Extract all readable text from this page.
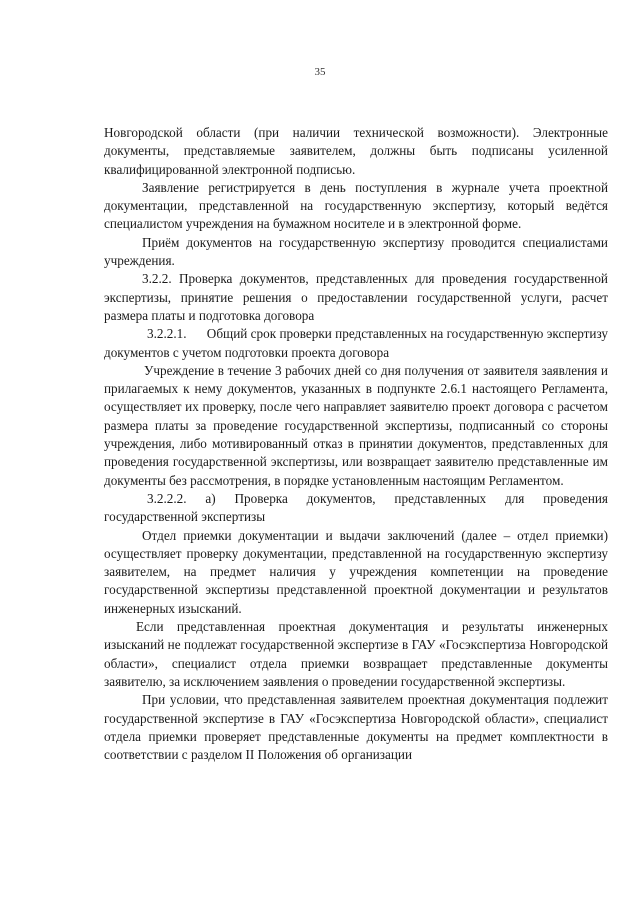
35

Новгородской области (при наличии технической возможности). Электронные документы, представляемые заявителем, должны быть подписаны усиленной квалифицированной электронной подписью.

Заявление регистрируется в день поступления в журнале учета проектной документации, представленной на государственную экспертизу, который ведётся специалистом учреждения на бумажном носителе и в электронной форме.

Приём документов на государственную экспертизу проводится специалистами учреждения.

3.2.2. Проверка документов, представленных для проведения государственной экспертизы, принятие решения о предоставлении государственной услуги, расчет размера платы и подготовка договора

3.2.2.1.      Общий срок проверки представленных на государственную экспертизу документов с учетом подготовки проекта договора

Учреждение в течение 3 рабочих дней со дня получения от заявителя заявления и прилагаемых к нему документов, указанных в подпункте 2.6.1 настоящего Регламента, осуществляет их проверку, после чего направляет заявителю проект договора с расчетом размера платы за проведение государственной экспертизы, подписанный со стороны учреждения, либо мотивированный отказ в принятии документов, представленных для проведения государственной экспертизы, или возвращает заявителю представленные им документы без рассмотрения, в порядке установленным настоящим Регламентом.

3.2.2.2. а) Проверка документов, представленных для проведения государственной экспертизы

Отдел приемки документации и выдачи заключений (далее – отдел приемки) осуществляет проверку документации, представленной на государственную экспертизу заявителем, на предмет наличия у учреждения компетенции на проведение государственной экспертизы представленной проектной документации и результатов инженерных изысканий.

Если представленная проектная документация и результаты инженерных изысканий не подлежат государственной экспертизе в ГАУ «Госэкспертиза Новгородской области», специалист отдела приемки возвращает представленные документы заявителю, за исключением заявления о проведении государственной экспертизы.

При условии, что представленная заявителем проектная документация подлежит государственной экспертизе в ГАУ «Госэкспертиза Новгородской области», специалист отдела приемки проверяет представленные документы на предмет комплектности в соответствии с разделом II Положения об организации
